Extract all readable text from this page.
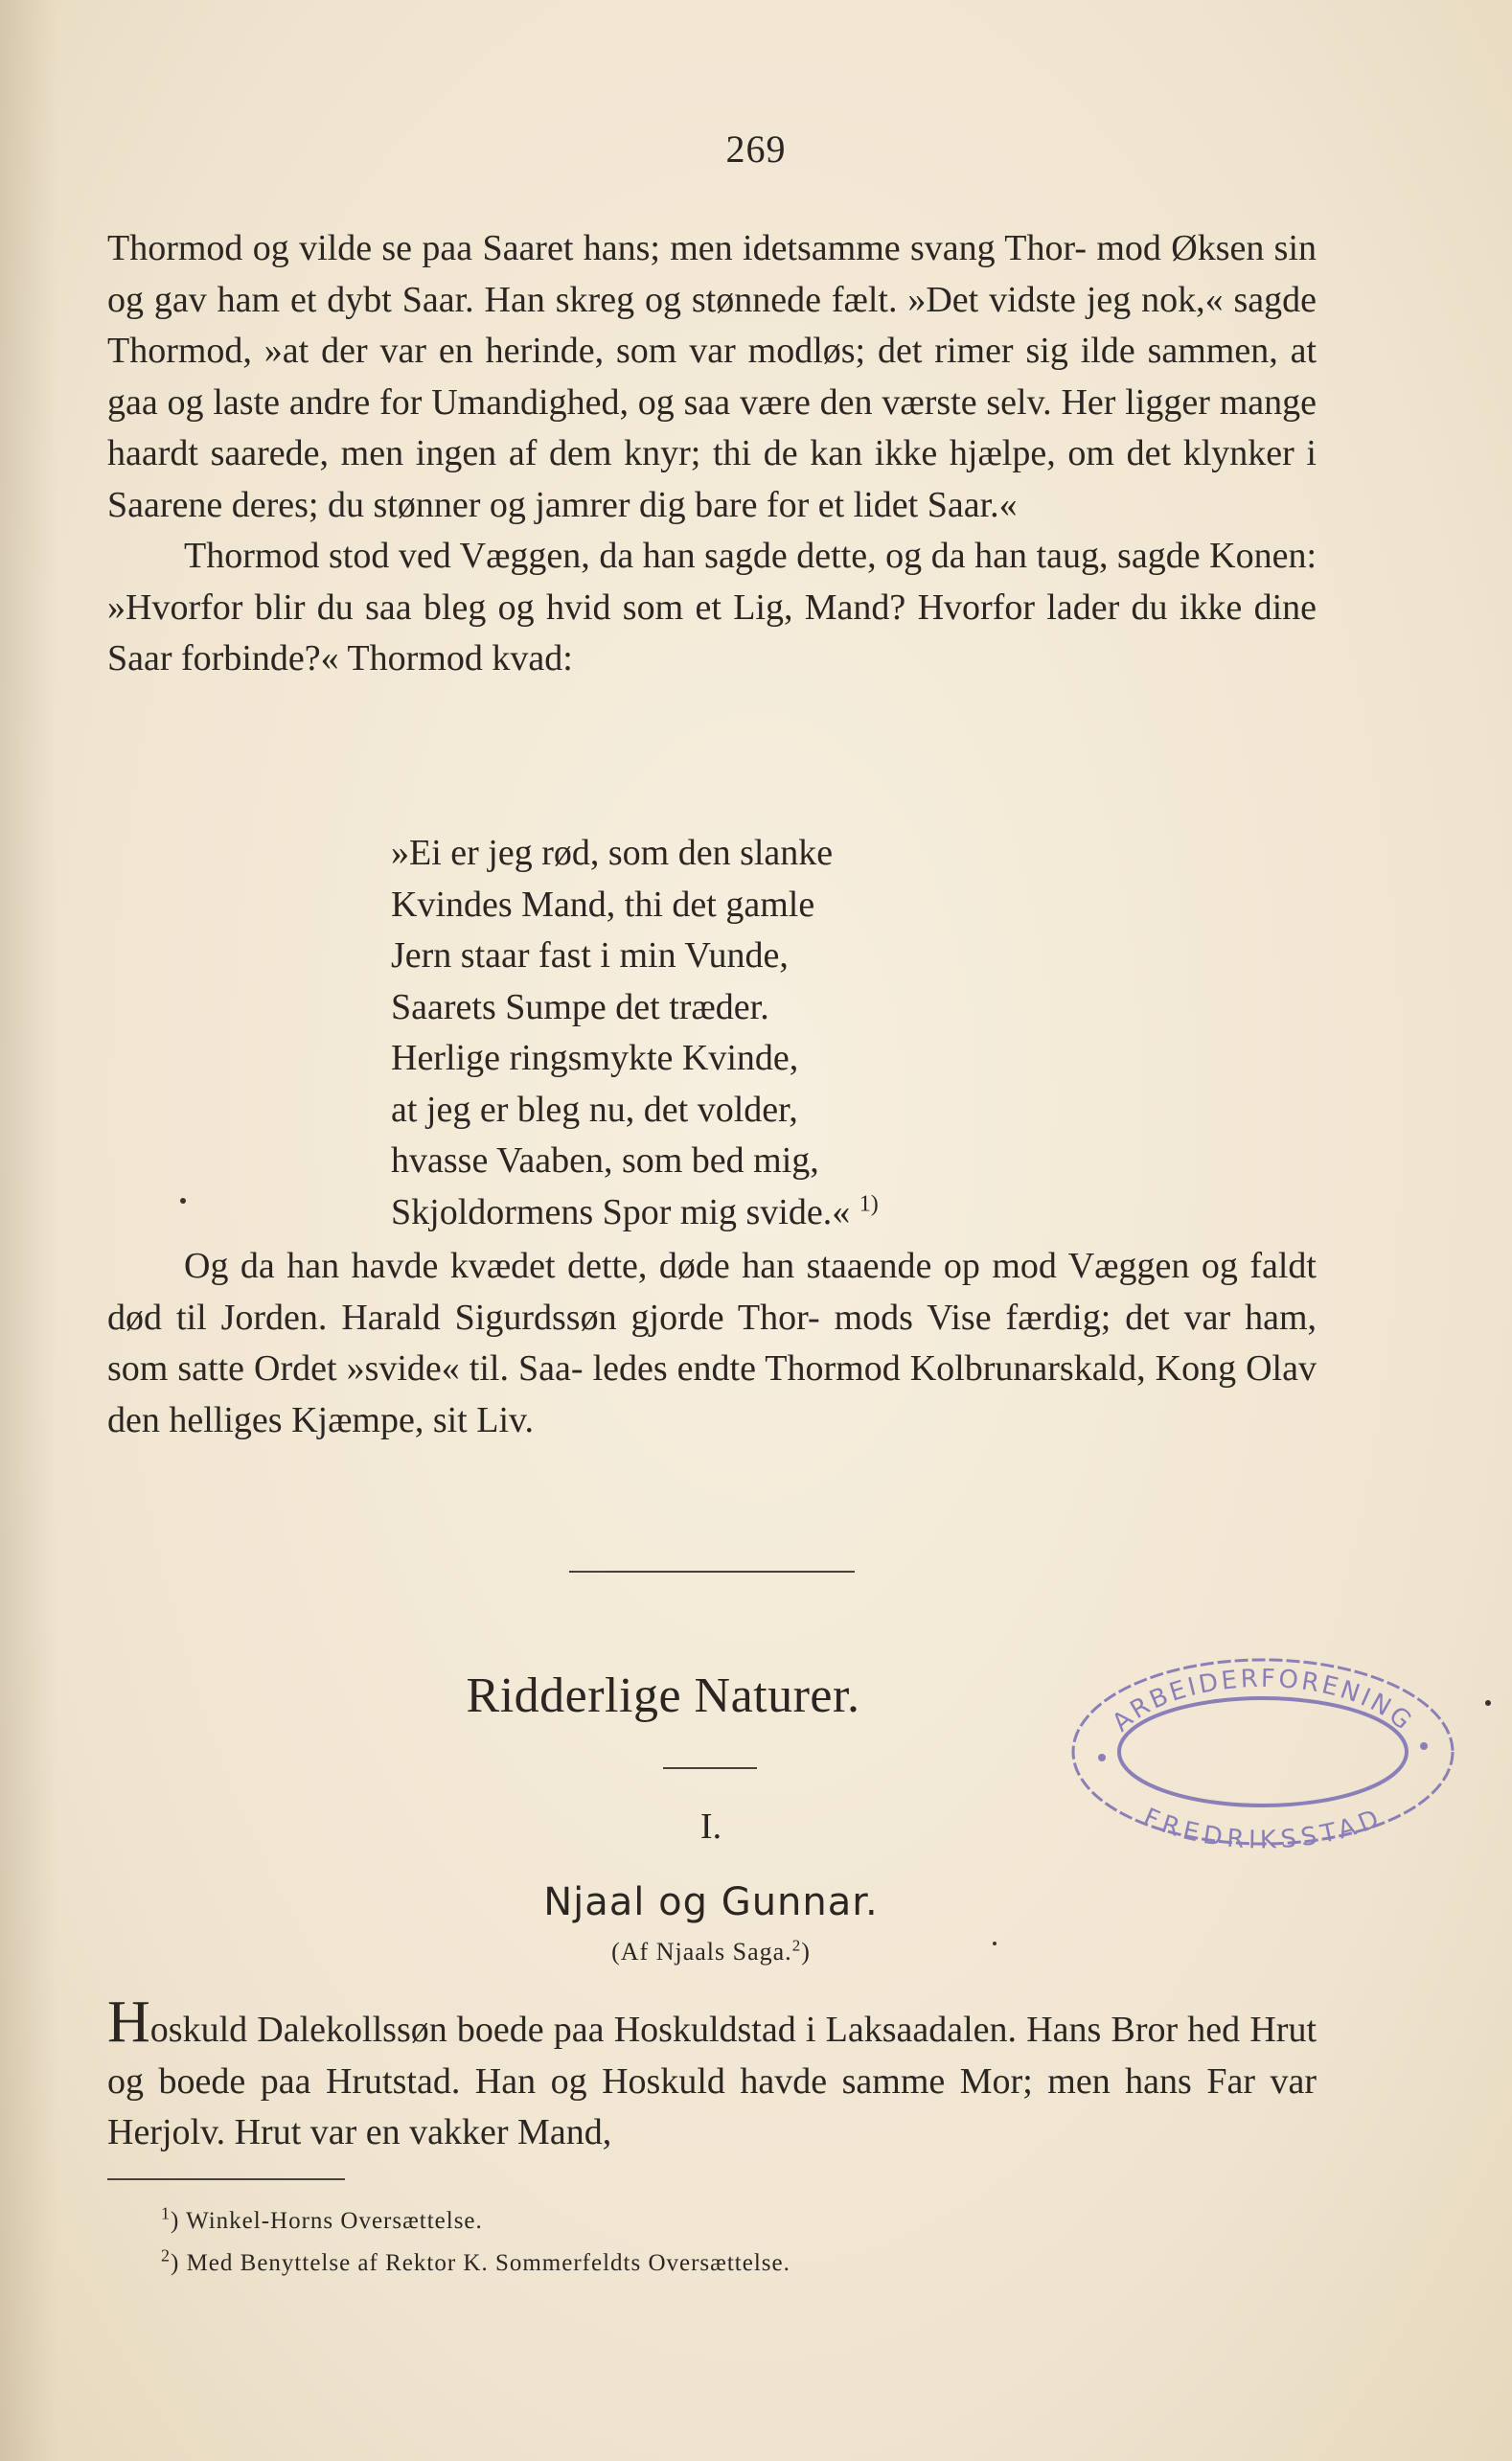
269

Thormod og vilde se paa Saaret hans; men idetsamme svang Thor- mod Øksen sin og gav ham et dybt Saar. Han skreg og stønnede fælt. »Det vidste jeg nok,« sagde Thormod, »at der var en herinde, som var modløs; det rimer sig ilde sammen, at gaa og laste andre for Umandighed, og saa være den værste selv. Her ligger mange haardt saarede, men ingen af dem knyr; thi de kan ikke hjælpe, om det klynker i Saarene deres; du stønner og jamrer dig bare for et lidet Saar.«

Thormod stod ved Væggen, da han sagde dette, og da han taug, sagde Konen: »Hvorfor blir du saa bleg og hvid som et Lig, Mand? Hvorfor lader du ikke dine Saar forbinde?« Thormod kvad:

»Ei er jeg rød, som den slanke
Kvindes Mand, thi det gamle
Jern staar fast i min Vunde,
Saarets Sumpe det træder.
Herlige ringsmykte Kvinde,
at jeg er bleg nu, det volder,
hvasse Vaaben, som bed mig,
Skjoldormens Spor mig svide.« $^{1)}$

Og da han havde kvædet dette, døde han staaende op mod Væggen og faldt død til Jorden. Harald Sigurdssøn gjorde Thor- mods Vise færdig; det var ham, som satte Ordet »svide« til. Saa- ledes endte Thormod Kolbrunarskald, Kong Olav den helliges Kjæmpe, sit Liv.

Ridderlige Naturer.
I.
Njaal og Gunnar.
(Af Njaals Saga.$^2$)

Hoskuld Dalekollssøn boede paa Hoskuldstad i Laksaadalen. Hans Bror hed Hrut og boede paa Hrutstad. Han og Hoskuld havde samme Mor; men hans Far var Herjolv. Hrut var en vakker Mand,

$^1$) Winkel-Horns Oversættelse.
$^2$) Med Benyttelse af Rektor K. Sommerfeldts Oversættelse.
ARBEIDERFORENING
FREDRIKSSTAD
